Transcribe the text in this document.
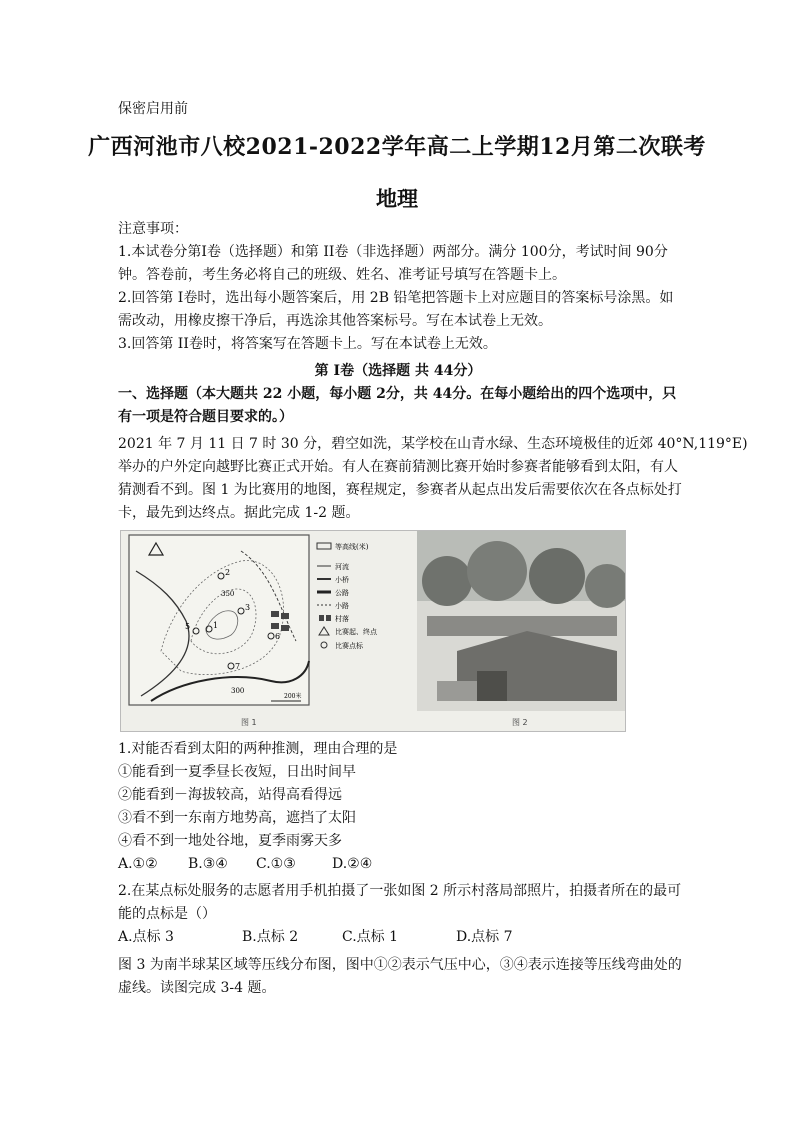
保密启用前
广西河池市八校2021-2022学年高二上学期12月第二次联考
地理

注意事项：

1.本试卷分第I卷（选择题）和第 II卷（非选择题）两部分。满分 100分，考试时间 90分

钟。答卷前，考生务必将自己的班级、姓名、准考证号填写在答题卡上。

2.回答第 I卷时，选出每小题答案后，用 2B 铅笔把答题卡上对应题目的答案标号涂黑。如

需改动，用橡皮擦干净后，再选涂其他答案标号。写在本试卷上无效。

3.回答第 II卷时，将答案写在答题卡上。写在本试卷上无效。

第 I卷（选择题 共 44分）

一、选择题（本大题共 22 小题，每小题 2分，共 44分。在每小题给出的四个选项中，只

有一项是符合题目要求的。）

2021 年 7 月 11 日 7 时 30 分，碧空如洗，某学校在山青水绿、生态环境极佳的近郊 40°N,119°E)

举办的户外定向越野比赛正式开始。有人在赛前猜测比赛开始时参赛者能够看到太阳，有人

猜测看不到。图 1 为比赛用的地图，赛程规定，参赛者从起点出发后需要依次在各点标处打

卡，最先到达终点。据此完成 1-2 题。

2
3
1
5
6
7
350
300
200米
图 1
等高线(米)
河流
小桥
公路
小路
村落
比赛起、终点
比赛点标
图 2

1.对能否看到太阳的两种推测，理由合理的是

①能看到一夏季昼长夜短，日出时间早

②能看到－海拔较高，站得高看得远

③看不到一东南方地势高，遮挡了太阳

④看不到一地处谷地，夏季雨雾天多

A.①②	B.③④	C.①③	D.②④

2.在某点标处服务的志愿者用手机拍摄了一张如图 2 所示村落局部照片，拍摄者所在的最可

能的点标是（）

A.点标 3	B.点标 2	C.点标 1	D.点标 7

图 3 为南半球某区域等压线分布图，图中①②表示气压中心，③④表示连接等压线弯曲处的

虚线。读图完成 3-4 题。
